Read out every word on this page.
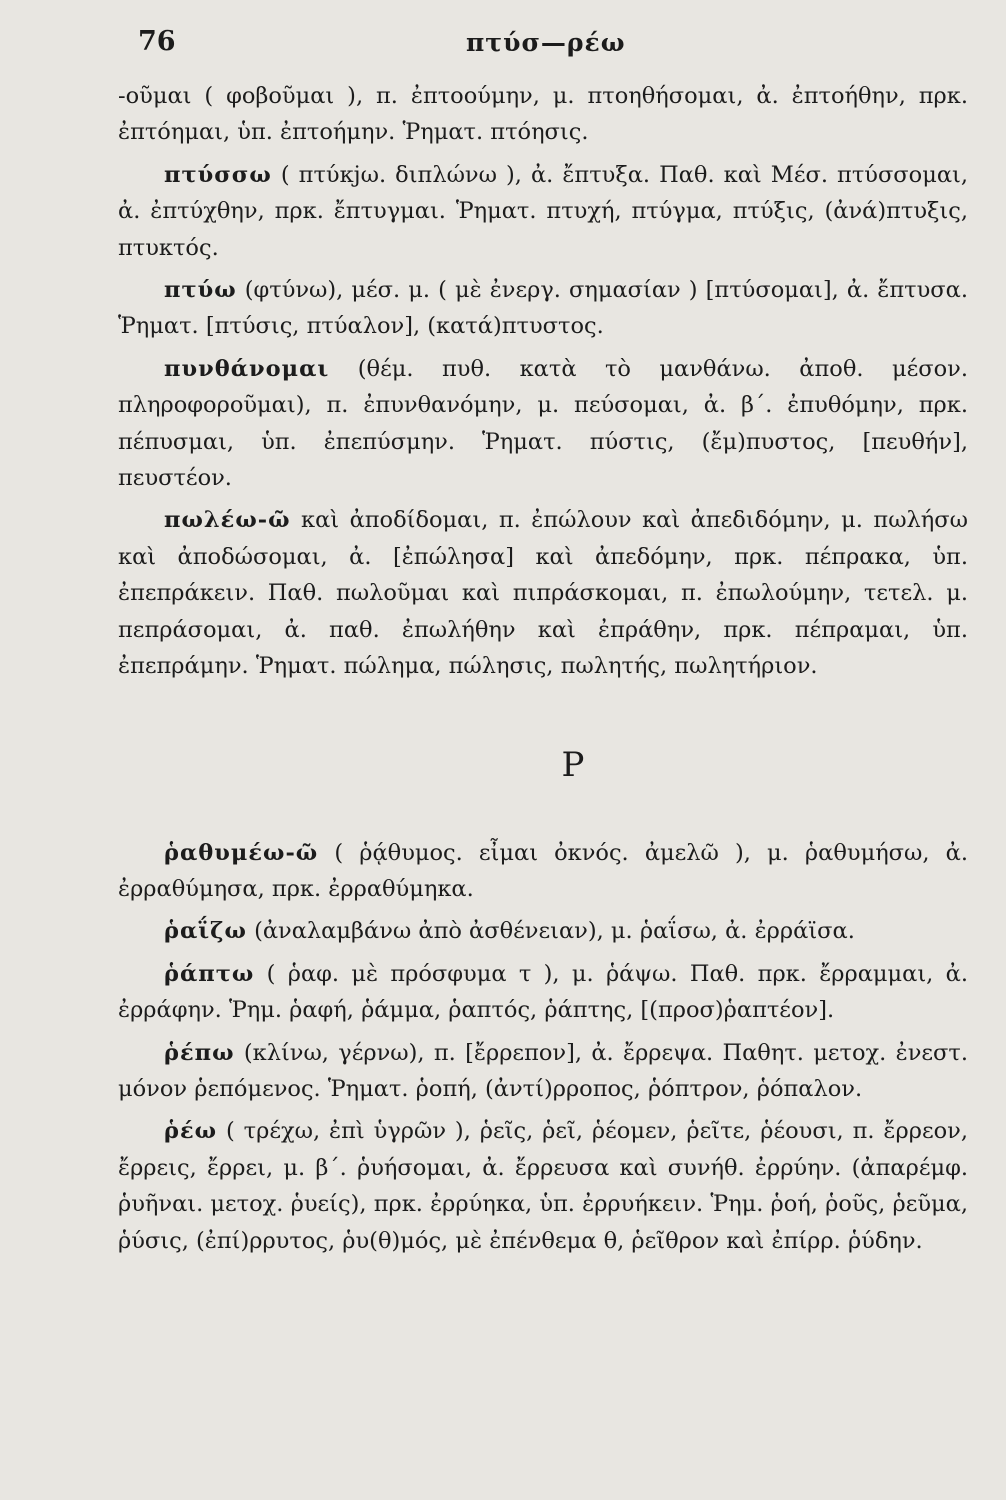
76	πτύσ—ρέω

-οῦμαι ( φοβοῦμαι ), π. ἐπτοούμην, μ. πτοηθήσομαι, ἀ. ἐπτοήθην, πρκ. ἐπτόημαι, ὑπ. ἐπτοήμην. Ῥηματ. πτόησις.

πτύσσω ( πτύκjω. διπλώνω ), ἀ. ἔπτυξα. Παθ. καὶ Μέσ. πτύσσομαι, ἀ. ἐπτύχθην, πρκ. ἔπτυγμαι. Ῥηματ. πτυχή, πτύγμα, πτύξις, (ἀνά)πτυξις, πτυκτός.

πτύω (φτύνω), μέσ. μ. ( μὲ ἐνεργ. σημασίαν ) [πτύσομαι], ἀ. ἔπτυσα. Ῥηματ. [πτύσις, πτύαλον], (κατά)πτυστος.

πυνθάνομαι (θέμ. πυθ. κατὰ τὸ μανθάνω. ἀποθ. μέσον. πληροφοροῦμαι), π. ἐπυνθανόμην, μ. πεύσομαι, ἀ. β΄. ἐπυθόμην, πρκ. πέπυσμαι, ὑπ. ἐπεπύσμην. Ῥηματ. πύστις, (ἔμ)πυστος, [πευθήν], πευστέον.

πωλέω-ῶ καὶ ἀποδίδομαι, π. ἐπώλουν καὶ ἀπεδιδόμην, μ. πωλήσω καὶ ἀποδώσομαι, ἀ. [ἐπώλησα] καὶ ἀπεδόμην, πρκ. πέπρακα, ὑπ. ἐπεπράκειν. Παθ. πωλοῦμαι καὶ πιπράσκομαι, π. ἐπωλούμην, τετελ. μ. πεπράσομαι, ἀ. παθ. ἐπωλήθην καὶ ἐπράθην, πρκ. πέπραμαι, ὑπ. ἐπεπράμην. Ῥηματ. πώλημα, πώλησις, πωλητής, πωλητήριον.

Ρ

ῥαθυμέω-ῶ ( ῥᾴθυμος. εἶμαι ὀκνός. ἀμελῶ ), μ. ῥαθυμήσω, ἀ. ἐρραθύμησα, πρκ. ἐρραθύμηκα.

ῥαΐζω (ἀναλαμβάνω ἀπὸ ἀσθένειαν), μ. ῥαΐσω, ἀ. ἐρράϊσα.

ῥάπτω ( ῥαφ. μὲ πρόσφυμα τ ), μ. ῥάψω. Παθ. πρκ. ἔρραμμαι, ἀ. ἐρράφην. Ῥημ. ῥαφή, ῥάμμα, ῥαπτός, ῥάπτης, [(προσ)ῥαπτέον].

ῥέπω (κλίνω, γέρνω), π. [ἔρρεπον], ἀ. ἔρρεψα. Παθητ. μετοχ. ἐνεστ. μόνον ῥεπόμενος. Ῥηματ. ῥοπή, (ἀντί)ρροπος, ῥόπτρον, ῥόπαλον.

ῥέω ( τρέχω, ἐπὶ ὑγρῶν ), ῥεῖς, ῥεῖ, ῥέομεν, ῥεῖτε, ῥέουσι, π. ἔρρεον, ἔρρεις, ἔρρει, μ. β΄. ῥυήσομαι, ἀ. ἔρρευσα καὶ συνήθ. ἐρρύην. (ἀπαρέμφ. ῥυῆναι. μετοχ. ῥυείς), πρκ. ἐρρύηκα, ὑπ. ἐρρυήκειν. Ῥημ. ῥοή, ῥοῦς, ῥεῦμα, ῥύσις, (ἐπί)ρρυτος, ῥυ(θ)μός, μὲ ἐπένθεμα θ, ῥεῖθρον καὶ ἐπίρρ. ῥύδην.
